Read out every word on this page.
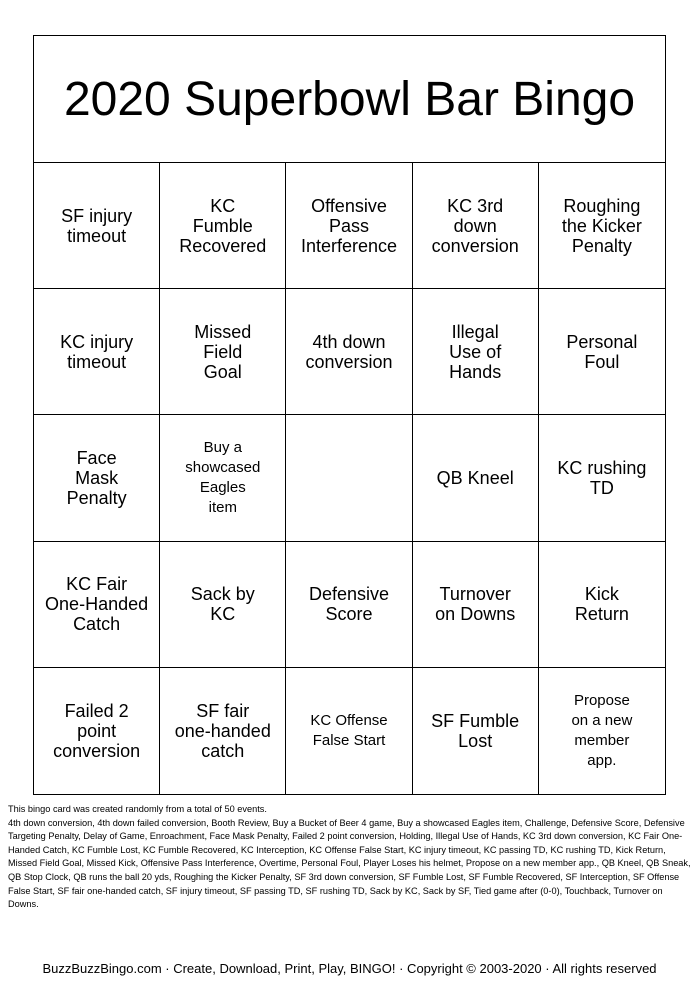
2020 Superbowl Bar Bingo
SF injury
timeout
KC
Fumble
Recovered
Offensive
Pass
Interference
KC 3rd
down
conversion
Roughing
the Kicker
Penalty
KC injury
timeout
Missed
Field
Goal
4th down
conversion
Illegal
Use of
Hands
Personal
Foul
Face
Mask
Penalty
Buy a
showcased
Eagles
item
QB Kneel KC rushing
TD
KC Fair
One-Handed
Catch
Sack by
KC
Defensive
Score
Turnover
on Downs
Kick
Return
Failed 2
point
conversion
SF fair
one-handed
catch
KC Offense
False Start
SF Fumble
Lost
Propose
on a new
member
app.

This bingo card was created randomly from a total of 50 events.

4th down conversion, 4th down failed conversion, Booth Review, Buy a Bucket of Beer 4 game, Buy a showcased Eagles item, Challenge, Defensive Score, Defensive Targeting Penalty, Delay of Game, Enroachment, Face Mask Penalty, Failed 2 point conversion, Holding, Illegal Use of Hands, KC 3rd down conversion, KC Fair One-Handed Catch, KC Fumble Lost, KC Fumble Recovered, KC Interception, KC Offense False Start, KC injury timeout, KC passing TD, KC rushing TD, Kick Return, Missed Field Goal, Missed Kick, Offensive Pass Interference, Overtime, Personal Foul, Player Loses his helmet, Propose on a new member app., QB Kneel, QB Sneak, QB Stop Clock, QB runs the ball 20 yds, Roughing the Kicker Penalty, SF 3rd down conversion, SF Fumble Lost, SF Fumble Recovered, SF Interception, SF Offense False Start, SF fair one-handed catch, SF injury timeout, SF passing TD, SF rushing TD, Sack by KC, Sack by SF, Tied game after (0-0), Touchback, Turnover on Downs.

BuzzBuzzBingo.com · Create, Download, Print, Play, BINGO! · Copyright © 2003-2020 · All rights reserved
